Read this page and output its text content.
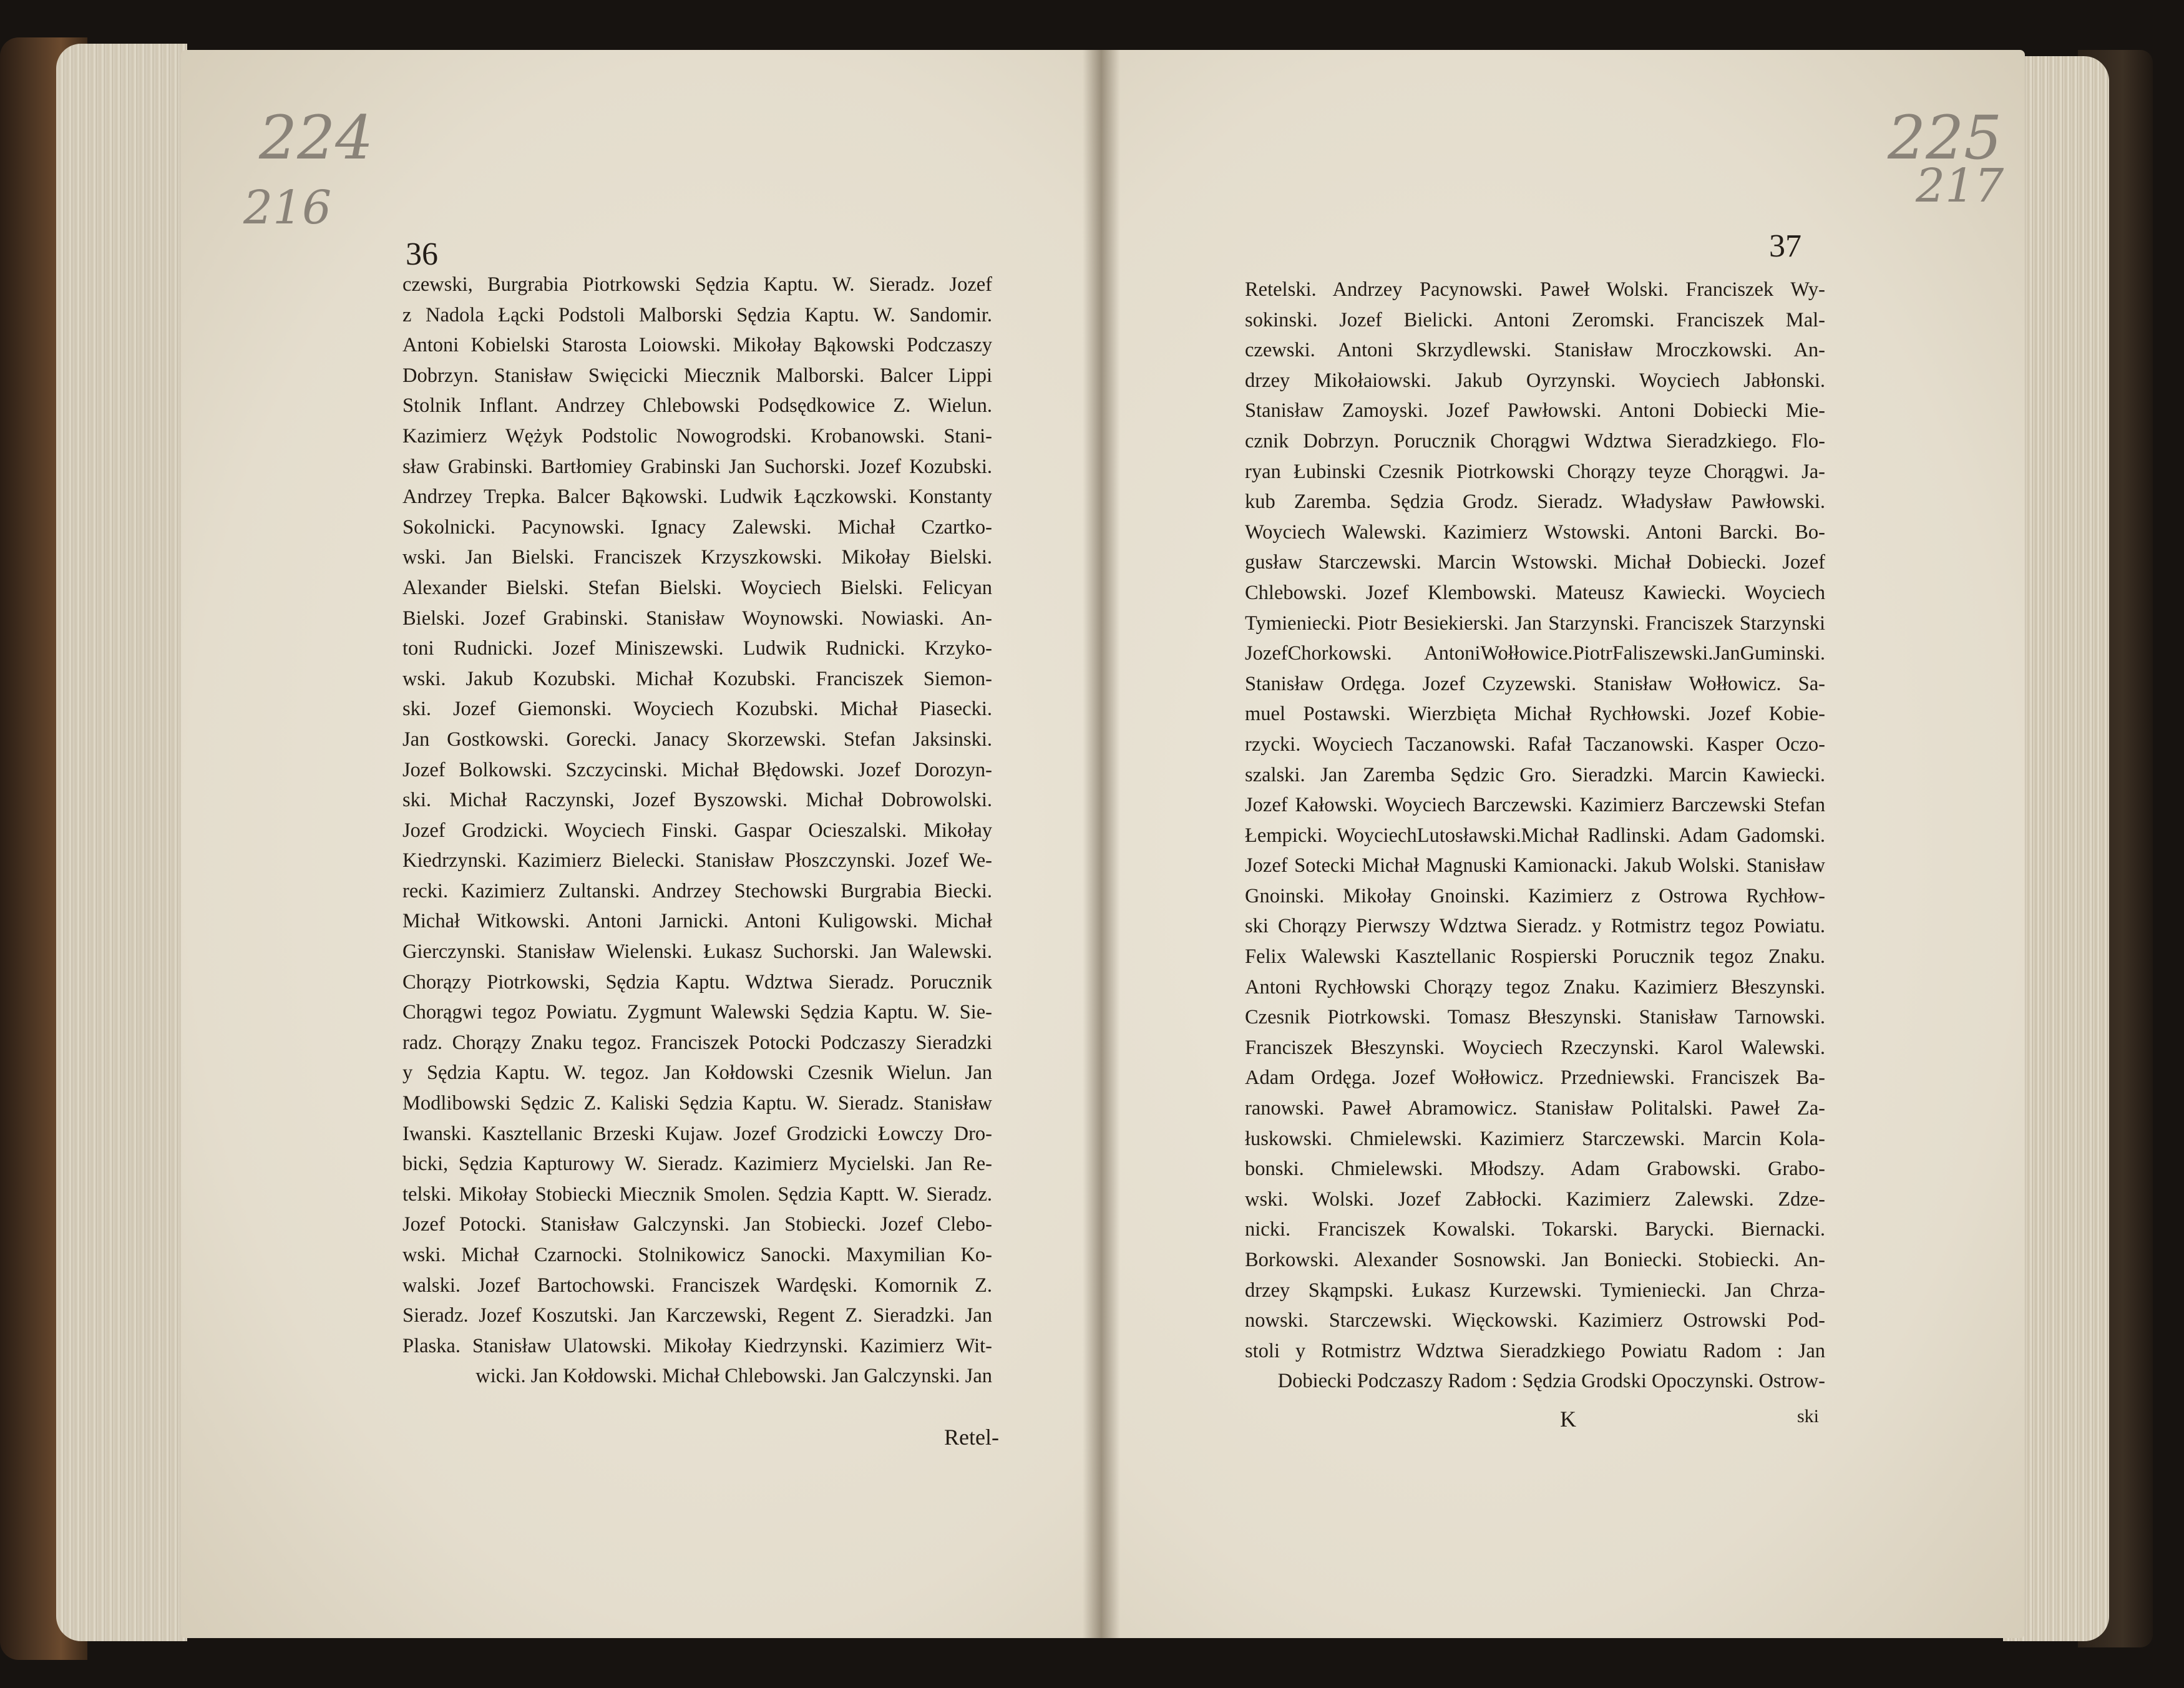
224

216

36

czewski, Burgrabia Piotrkowski Sędzia Kaptu. W. Sieradz. Jozef
z Nadola Łącki Podstoli Malborski Sędzia Kaptu. W. Sandomir.
Antoni Kobielski Starosta Loiowski. Mikołay Bąkowski Podczaszy
Dobrzyn. Stanisław Swięcicki Miecznik Malborski. Balcer Lippi
Stolnik Inflant. Andrzey Chlebowski Podsędkowice Z. Wielun.
Kazimierz Wężyk Podstolic Nowogrodski. Krobanowski. Stani-
sław Grabinski. Bartłomiey Grabinski Jan Suchorski. Jozef Kozubski.
Andrzey Trepka. Balcer Bąkowski. Ludwik Łączkowski. Konstanty
Sokolnicki. Pacynowski. Ignacy Zalewski. Michał Czartko-
wski. Jan Bielski. Franciszek Krzyszkowski. Mikołay Bielski.
Alexander Bielski. Stefan Bielski. Woyciech Bielski. Felicyan
Bielski. Jozef Grabinski. Stanisław Woynowski. Nowiaski. An-
toni Rudnicki. Jozef Miniszewski. Ludwik Rudnicki. Krzyko-
wski. Jakub Kozubski. Michał Kozubski. Franciszek Siemon-
ski. Jozef Giemonski. Woyciech Kozubski. Michał Piasecki.
Jan Gostkowski. Gorecki. Janacy Skorzewski. Stefan Jaksinski.
Jozef Bolkowski. Szczycinski. Michał Błędowski. Jozef Dorozyn-
ski. Michał Raczynski, Jozef Byszowski. Michał Dobrowolski.
Jozef Grodzicki. Woyciech Finski. Gaspar Ocieszalski. Mikołay
Kiedrzynski. Kazimierz Bielecki. Stanisław Płoszczynski. Jozef We-
recki. Kazimierz Zultanski. Andrzey Stechowski Burgrabia Biecki.
Michał Witkowski. Antoni Jarnicki. Antoni Kuligowski. Michał
Gierczynski. Stanisław Wielenski. Łukasz Suchorski. Jan Walewski.
Chorązy Piotrkowski, Sędzia Kaptu. Wdztwa Sieradz. Porucznik
Chorągwi tegoz Powiatu. Zygmunt Walewski Sędzia Kaptu. W. Sie-
radz. Chorązy Znaku tegoz. Franciszek Potocki Podczaszy Sieradzki
y Sędzia Kaptu. W. tegoz. Jan Kołdowski Czesnik Wielun. Jan
Modlibowski Sędzic Z. Kaliski Sędzia Kaptu. W. Sieradz. Stanisław
Iwanski. Kasztellanic Brzeski Kujaw. Jozef Grodzicki Łowczy Dro-
bicki, Sędzia Kapturowy W. Sieradz. Kazimierz Mycielski. Jan Re-
telski. Mikołay Stobiecki Miecznik Smolen. Sędzia Kaptt. W. Sieradz.
Jozef Potocki. Stanisław Galczynski. Jan Stobiecki. Jozef Clebo-
wski. Michał Czarnocki. Stolnikowicz Sanocki. Maxymilian Ko-
walski. Jozef Bartochowski. Franciszek Wardęski. Komornik Z.
Sieradz. Jozef Koszutski. Jan Karczewski, Regent Z. Sieradzki. Jan
Plaska. Stanisław Ulatowski. Mikołay Kiedrzynski. Kazimierz Wit-
wicki. Jan Kołdowski. Michał Chlebowski. Jan Galczynski. Jan

Retel-

225

217

37

Retelski. Andrzey Pacynowski. Paweł Wolski. Franciszek Wy-
sokinski. Jozef Bielicki. Antoni Zeromski. Franciszek Mal-
czewski. Antoni Skrzydlewski. Stanisław Mroczkowski. An-
drzey Mikołaiowski. Jakub Oyrzynski. Woyciech Jabłonski.
Stanisław Zamoyski. Jozef Pawłowski. Antoni Dobiecki Mie-
cznik Dobrzyn. Porucznik Chorągwi Wdztwa Sieradzkiego. Flo-
ryan Łubinski Czesnik Piotrkowski Chorązy teyze Chorągwi. Ja-
kub Zaremba. Sędzia Grodz. Sieradz. Władysław Pawłowski.
Woyciech Walewski. Kazimierz Wstowski. Antoni Barcki. Bo-
gusław Starczewski. Marcin Wstowski. Michał Dobiecki. Jozef
Chlebowski. Jozef Klembowski. Mateusz Kawiecki. Woyciech
Tymieniecki. Piotr Besiekierski. Jan Starzynski. Franciszek Starzynski
JozefChorkowski. AntoniWołłowice.PiotrFaliszewski.JanGuminski.
Stanisław Ordęga. Jozef Czyzewski. Stanisław Wołłowicz. Sa-
muel Postawski. Wierzbięta Michał Rychłowski. Jozef Kobie-
rzycki. Woyciech Taczanowski. Rafał Taczanowski. Kasper Oczo-
szalski. Jan Zaremba Sędzic Gro. Sieradzki. Marcin Kawiecki.
Jozef Kałowski. Woyciech Barczewski. Kazimierz Barczewski Stefan
Łempicki. WoyciechLutosławski.Michał Radlinski. Adam Gadomski.
Jozef Sotecki Michał Magnuski Kamionacki. Jakub Wolski. Stanisław
Gnoinski. Mikołay Gnoinski. Kazimierz z Ostrowa Rychłow-
ski Chorązy Pierwszy Wdztwa Sieradz. y Rotmistrz tegoz Powiatu.
Felix Walewski Kasztellanic Rospierski Porucznik tegoz Znaku.
Antoni Rychłowski Chorązy tegoz Znaku. Kazimierz Błeszynski.
Czesnik Piotrkowski. Tomasz Błeszynski. Stanisław Tarnowski.
Franciszek Błeszynski. Woyciech Rzeczynski. Karol Walewski.
Adam Ordęga. Jozef Wołłowicz. Przedniewski. Franciszek Ba-
ranowski. Paweł Abramowicz. Stanisław Politalski. Paweł Za-
łuskowski. Chmielewski. Kazimierz Starczewski. Marcin Kola-
bonski. Chmielewski. Młodszy. Adam Grabowski. Grabo-
wski. Wolski. Jozef Zabłocki. Kazimierz Zalewski. Zdze-
nicki. Franciszek Kowalski. Tokarski. Barycki. Biernacki.
Borkowski. Alexander Sosnowski. Jan Boniecki. Stobiecki. An-
drzey Skąmpski. Łukasz Kurzewski. Tymieniecki. Jan Chrza-
nowski. Starczewski. Więckowski. Kazimierz Ostrowski Pod-
stoli y Rotmistrz Wdztwa Sieradzkiego Powiatu Radom : Jan
Dobiecki Podczaszy Radom : Sędzia Grodski Opoczynski. Ostrow-

K	ski
